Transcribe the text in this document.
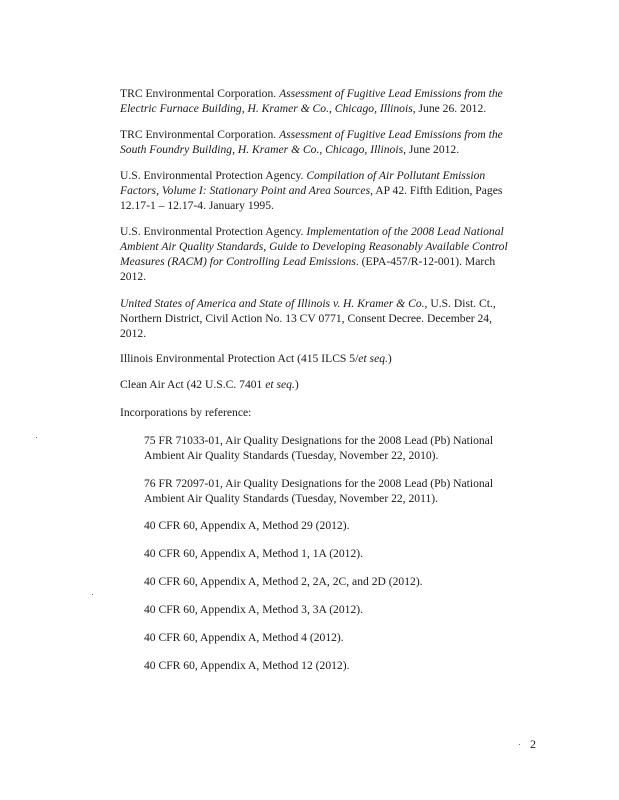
TRC Environmental Corporation. Assessment of Fugitive Lead Emissions from the
Electric Furnace Building, H. Kramer & Co., Chicago, Illinois, June 26. 2012.
TRC Environmental Corporation. Assessment of Fugitive Lead Emissions from the
South Foundry Building, H. Kramer & Co., Chicago, Illinois, June 2012.
U.S. Environmental Protection Agency. Compilation of Air Pollutant Emission
Factors, Volume I: Stationary Point and Area Sources, AP 42. Fifth Edition, Pages
12.17-1 – 12.17-4. January 1995.
U.S. Environmental Protection Agency. Implementation of the 2008 Lead National
Ambient Air Quality Standards, Guide to Developing Reasonably Available Control
Measures (RACM) for Controlling Lead Emissions. (EPA-457/R-12-001). March
2012.
United States of America and State of Illinois v. H. Kramer & Co., U.S. Dist. Ct.,
Northern District, Civil Action No. 13 CV 0771, Consent Decree. December 24,
2012.
Illinois Environmental Protection Act (415 ILCS 5/et seq.)
Clean Air Act (42 U.S.C. 7401 et seq.)
Incorporations by reference:
75 FR 71033-01, Air Quality Designations for the 2008 Lead (Pb) National
Ambient Air Quality Standards (Tuesday, November 22, 2010).
76 FR 72097-01, Air Quality Designations for the 2008 Lead (Pb) National
Ambient Air Quality Standards (Tuesday, November 22, 2011).
40 CFR 60, Appendix A, Method 29 (2012).
40 CFR 60, Appendix A, Method 1, 1A (2012).
40 CFR 60, Appendix A, Method 2, 2A, 2C, and 2D (2012).
40 CFR 60, Appendix A, Method 3, 3A (2012).
40 CFR 60, Appendix A, Method 4 (2012).
40 CFR 60, Appendix A, Method 12 (2012).
2
